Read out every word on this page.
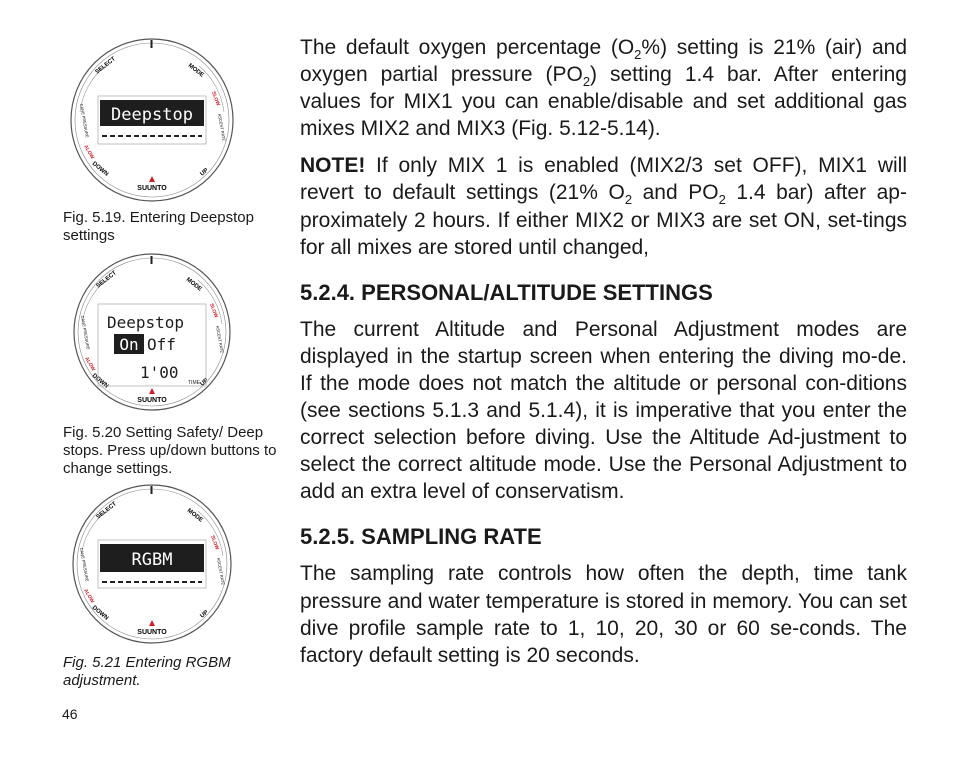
SELECT	MODE
DOWN	UP
CANE PRESSURE	ASCENT RATE
ALOW
SLOW
SUUNTO
Deepstop
Fig. 5.19. Entering Deepstop settings
SELECT	MODE
DOWN	UP
CANE PRESSURE	ASCENT RATE
ALOW
SLOW
SUUNTO
Deepstop
On Off
1'00
TIME
Fig. 5.20 Setting Safety/ Deep stops. Press up/down buttons to change settings.
SELECT	MODE
DOWN	UP
CANE PRESSURE	ASCENT RATE
ALOW
SLOW
SUUNTO
RGBM
Fig. 5.21 Entering RGBM adjustment.
46

The default oxygen percentage $(O_2\%)$ setting is 21% (air) and oxygen partial pressure $(PO_2)$ setting 1.4 bar. After entering values for MIX1 you can enable/disable and set additional gas mixes MIX2 and MIX3 (Fig. 5.12-5.14).

NOTE! If only MIX 1 is enabled (MIX2/3 set OFF), MIX1 will revert to default settings (21% $O_2$ and $PO_2$ 1.4 bar) after ap-proximately 2 hours. If either MIX2 or MIX3 are set ON, set-tings for all mixes are stored until changed,

5.2.4. PERSONAL/ALTITUDE SETTINGS

The current Altitude and Personal Adjustment modes are displayed in the startup screen when entering the diving mo-de. If the mode does not match the altitude or personal con-ditions (see sections 5.1.3 and 5.1.4), it is imperative that you enter the correct selection before diving. Use the Altitude Ad-justment to select the correct altitude mode. Use the Personal Adjustment to add an extra level of conservatism.

5.2.5. SAMPLING RATE

The sampling rate controls how often the depth, time tank pressure and water temperature is stored in memory. You can set dive profile sample rate to 1, 10, 20, 30 or 60 se-conds. The factory default setting is 20 seconds.
